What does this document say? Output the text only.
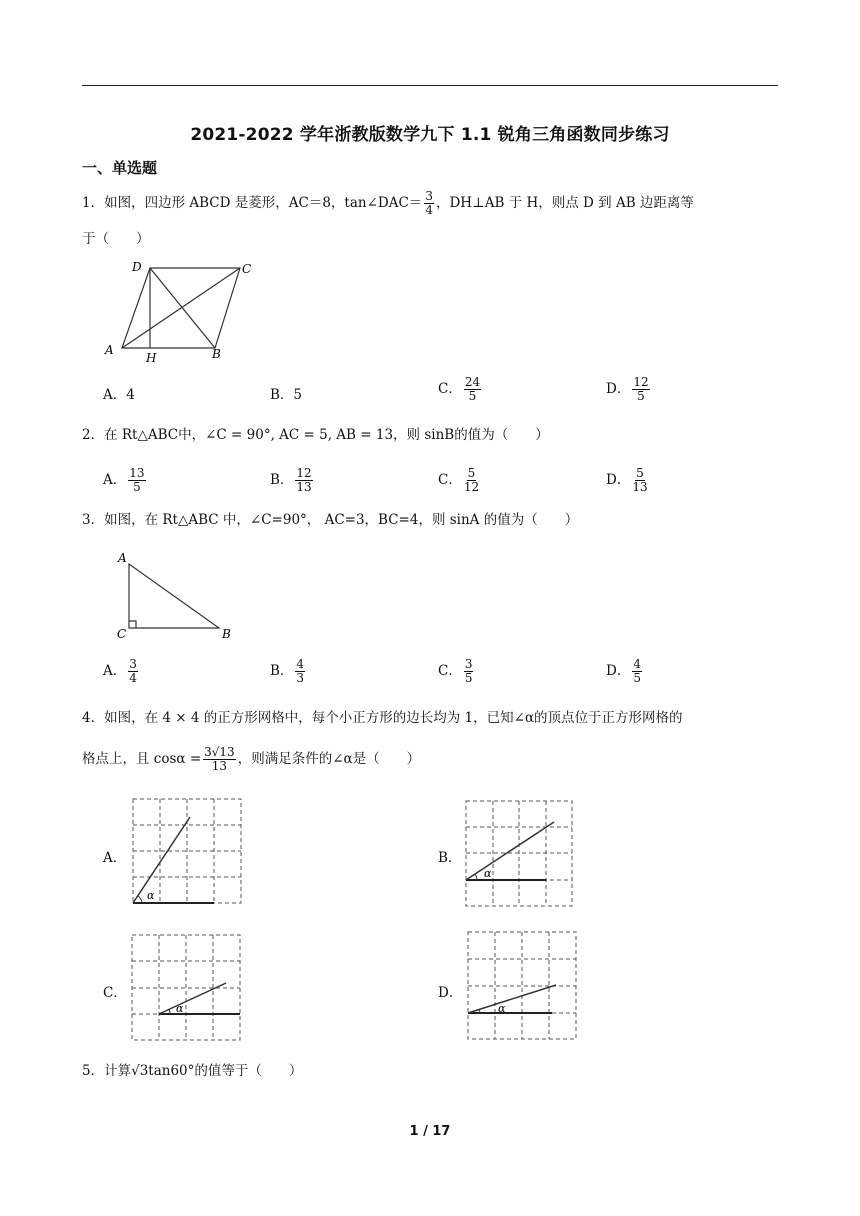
2021-2022 学年浙教版数学九下 1.1 锐角三角函数同步练习
一、单选题
1．如图，四边形 ABCD 是菱形，AC＝8，tan∠DAC＝ $\frac{3}{4}$ ，DH⊥AB 于 H，则点 D 到 AB 边距离等
于（　　）
D	C
A
H	B
A．4	B．5	C． $\frac{24}{5}$	D． $\frac{12}{5}$
2．在 Rt△ABC中，∠C = 90°, AC = 5, AB = 13，则 sinB的值为（　　）
A． $\frac{13}{5}$	B． $\frac{12}{13}$	C． $\frac{5}{12}$	D． $\frac{5}{13}$
3．如图，在 Rt△ABC 中，∠C=90°， AC=3，BC=4，则 sinA 的值为（　　）
A
C	B
A． $\frac{3}{4}$	B． $\frac{4}{3}$	C． $\frac{3}{5}$	D． $\frac{4}{5}$
4．如图，在 4 × 4 的正方形网格中，每个小正方形的边长均为 1，已知∠α的顶点位于正方形网格的
格点上，且 $\cos\alpha = \frac{3√13}{13}$ ，则满足条件的∠α是（　　）
A．
α
B．
α
C．
α
D．
α
5．计算√3tan60°的值等于（　　）
1 / 17
